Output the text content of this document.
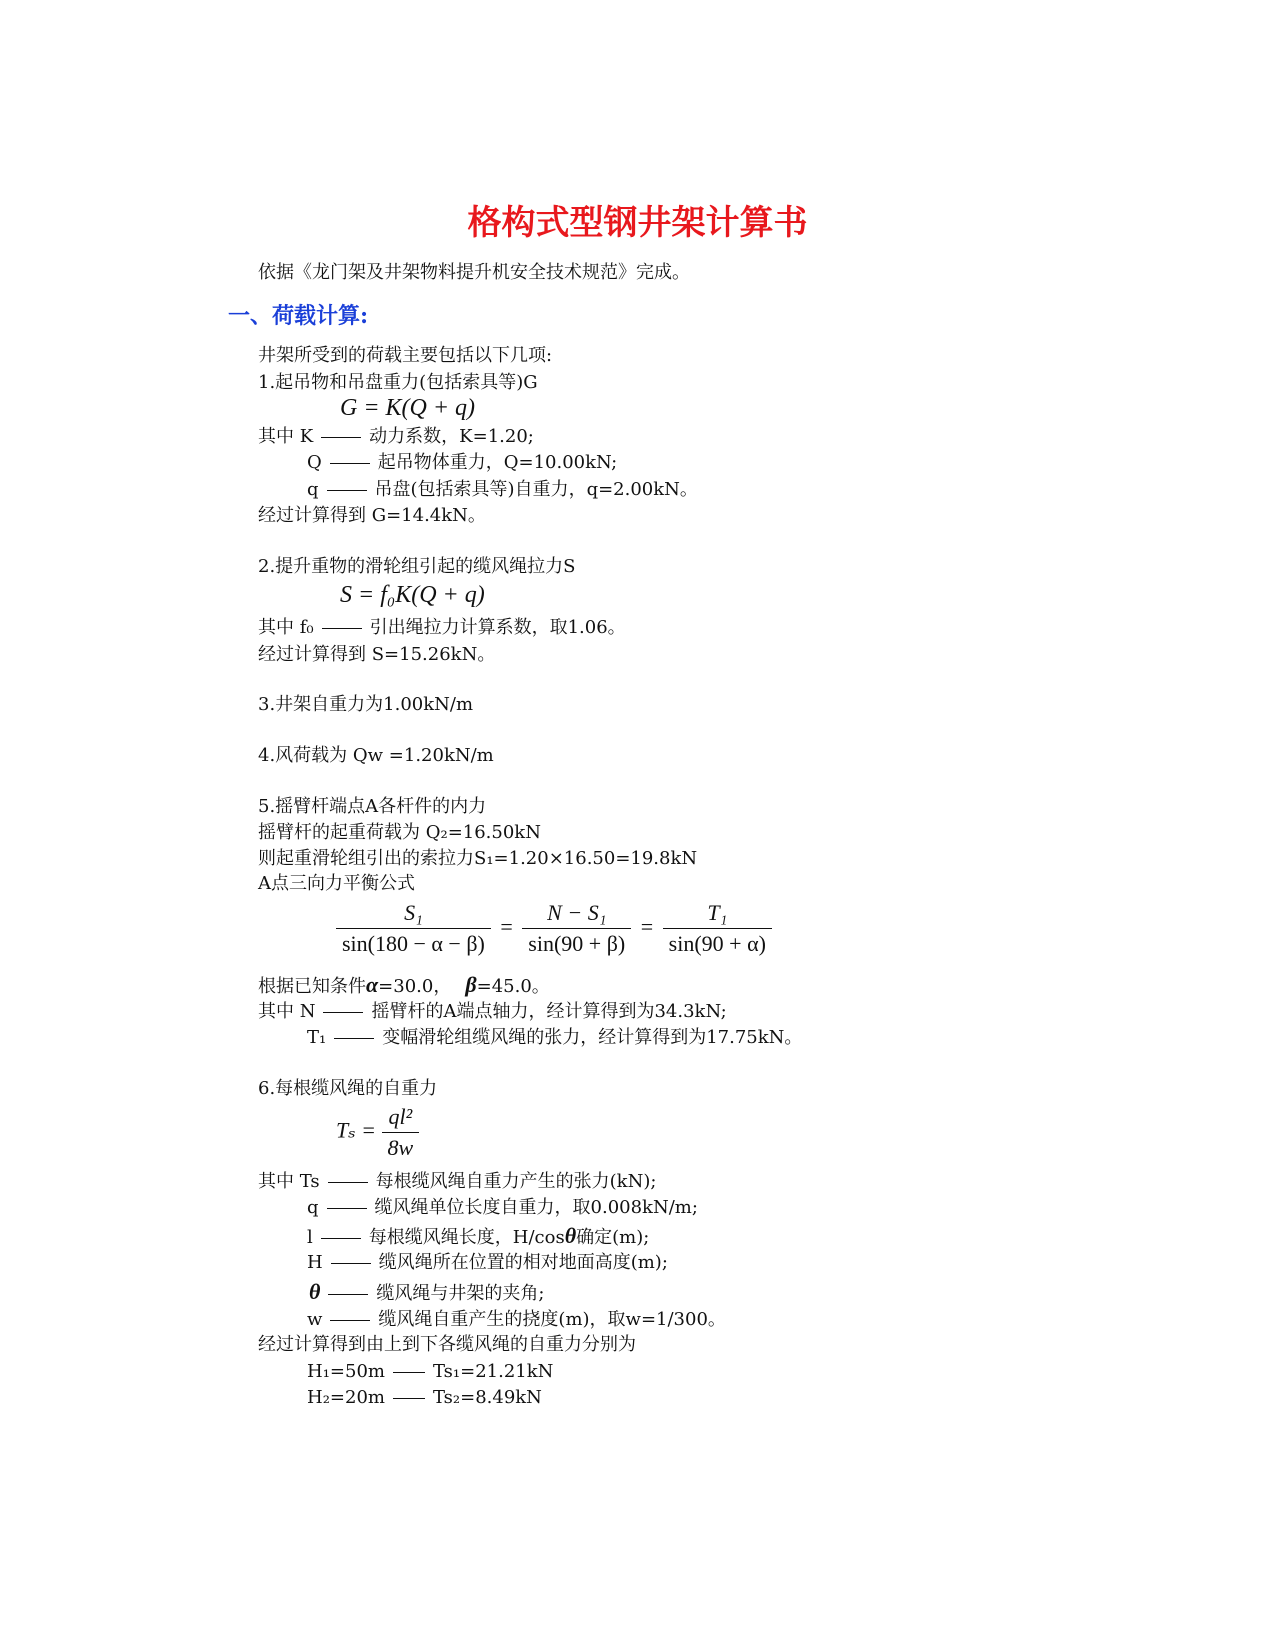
格构式型钢井架计算书
依据《龙门架及井架物料提升机安全技术规范》完成。
一、荷载计算:
井架所受到的荷载主要包括以下几项:
1.起吊物和吊盘重力(包括索具等)G
G = K(Q + q)
其中 K	动力系数，K=1.20;
Q	起吊物体重力，Q=10.00kN;
q	吊盘(包括索具等)自重力，q=2.00kN。
经过计算得到 G=14.4kN。
2.提升重物的滑轮组引起的缆风绳拉力S
S = f₀K(Q + q)
其中 f₀	引出绳拉力计算系数，取1.06。
经过计算得到 S=15.26kN。
3.井架自重力为1.00kN/m
4.风荷载为 Qw =1.20kN/m
5.摇臂杆端点A各杆件的内力
摇臂杆的起重荷载为 Q₂=16.50kN
则起重滑轮组引出的索拉力S₁=1.20×16.50=19.8kN
A点三向力平衡公式
$\frac{\text{S₁}}{\sin(180 - \alpha - \beta)} = \frac{\text{N − S₁}}{\sin(90 + \beta)} = \frac{\text{T₁}}{\sin(90 + \alpha)}$
根据已知条件α=30.0， β=45.0。
其中 N	摇臂杆的A端点轴力，经计算得到为34.3kN;
T₁	变幅滑轮组缆风绳的张力，经计算得到为17.75kN。
6.每根缆风绳的自重力
$T_s = \frac{\text{ql²}}{8w}$
其中 Ts	每根缆风绳自重力产生的张力(kN);
q	缆风绳单位长度自重力，取0.008kN/m;
l	每根缆风绳长度，H/cosθ确定(m);
H	缆风绳所在位置的相对地面高度(m);
θ	缆风绳与井架的夹角;
w	缆风绳自重产生的挠度(m)，取w=1/300。
经过计算得到由上到下各缆风绳的自重力分别为
H₁=50m	Ts₁=21.21kN
H₂=20m	Ts₂=8.49kN
